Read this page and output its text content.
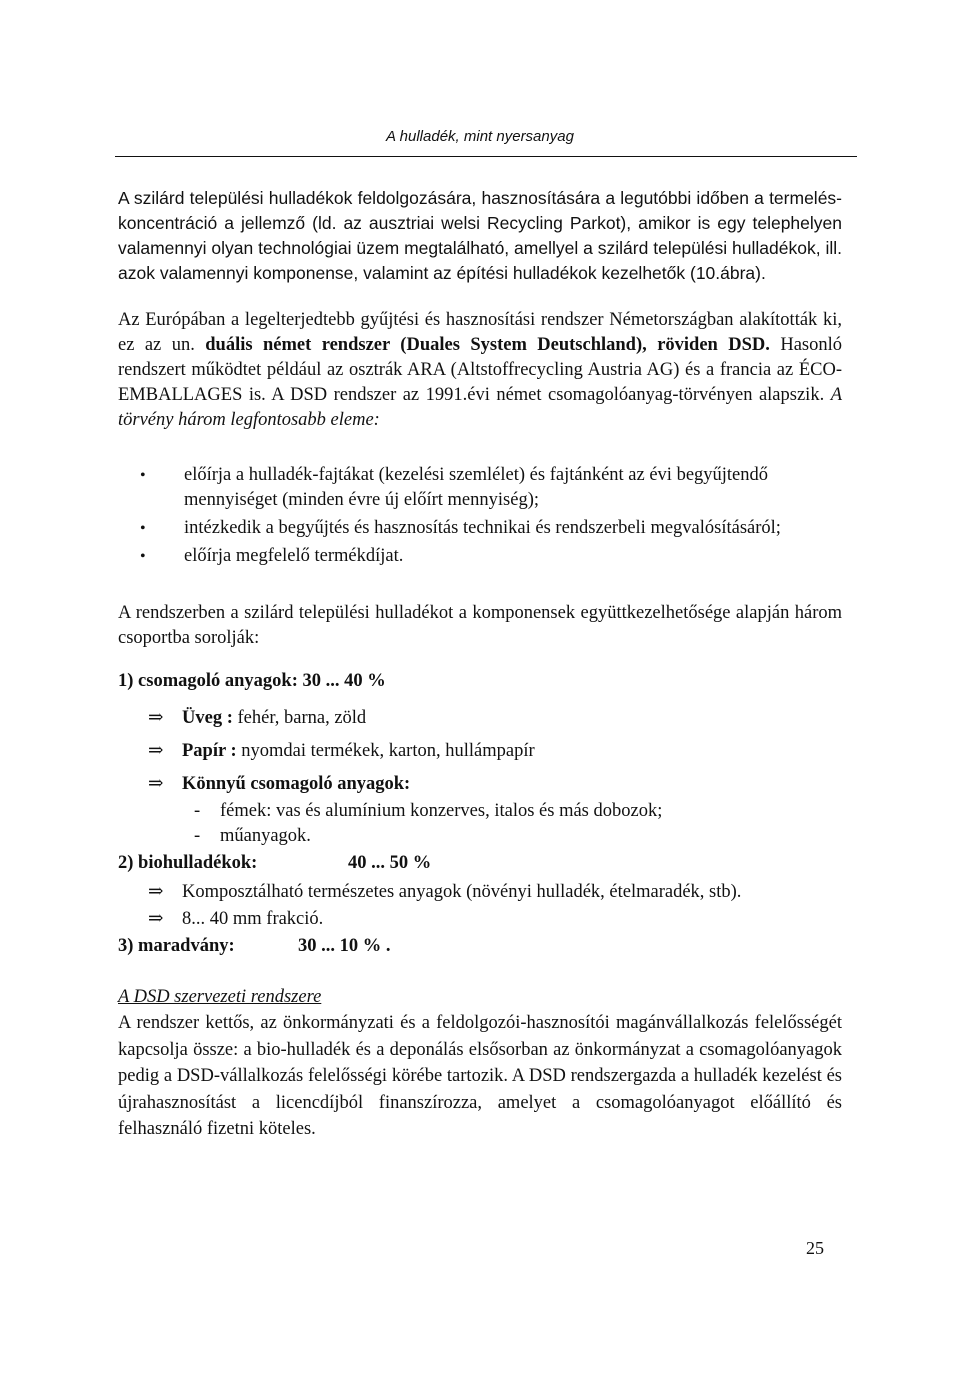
A hulladék, mint nyersanyag

A szilárd települési hulladékok feldolgozására, hasznosítására a legutóbbi időben a termelés-koncentráció a jellemző (ld. az ausztriai welsi Recycling Parkot), amikor is egy telephelyen valamennyi olyan technológiai üzem megtalálható, amellyel a szilárd települési hulladékok, ill. azok valamennyi komponense, valamint az építési hulladékok kezelhetők (10.ábra).

Az Európában a legelterjedtebb gyűjtési és hasznosítási rendszer Németországban alakították ki, ez az un. duális német rendszer (Duales System Deutschland), röviden DSD. Hasonló rendszert működtet például az osztrák ARA (Altstoffrecycling Austria AG) és a francia az ÉCO-EMBALLAGES is. A DSD rendszer az 1991.évi német csomagolóanyag-törvényen alapszik. A törvény három legfontosabb eleme:

• előírja a hulladék-fajtákat (kezelési szemlélet) és fajtánként az évi begyűjtendő mennyiséget (minden évre új előírt mennyiség);
• intézkedik a begyűjtés és hasznosítás technikai és rendszerbeli megvalósításáról;
• előírja megfelelő termékdíjat.

A rendszerben a szilárd települési hulladékot a komponensek együttkezelhetősége alapján három csoportba sorolják:

1) csomagoló anyagok: 30 ... 40 %
⇒ Üveg : fehér, barna, zöld
⇒ Papír : nyomdai termékek, karton, hullámpapír
⇒ Könnyű csomagoló anyagok:
- fémek: vas és alumínium konzerves, italos és más dobozok;
- műanyagok.
2) biohulladékok:	40 ... 50 %
⇒ Komposztálható természetes anyagok (növényi hulladék, ételmaradék, stb).
⇒ 8... 40 mm frakció.
3) maradvány:	30 ... 10 % .
A DSD szervezeti rendszere

A rendszer kettős, az önkormányzati és a feldolgozói-hasznosítói magánvállalkozás felelősségét kapcsolja össze: a bio-hulladék és a deponálás elsősorban az önkormányzat a csomagolóanyagok pedig a DSD-vállalkozás felelősségi körébe tartozik. A DSD rendszergazda a hulladék kezelést és újrahasznosítást a licencdíjból finanszírozza, amelyet a csomagolóanyagot előállító és felhasználó fizetni köteles.

25
